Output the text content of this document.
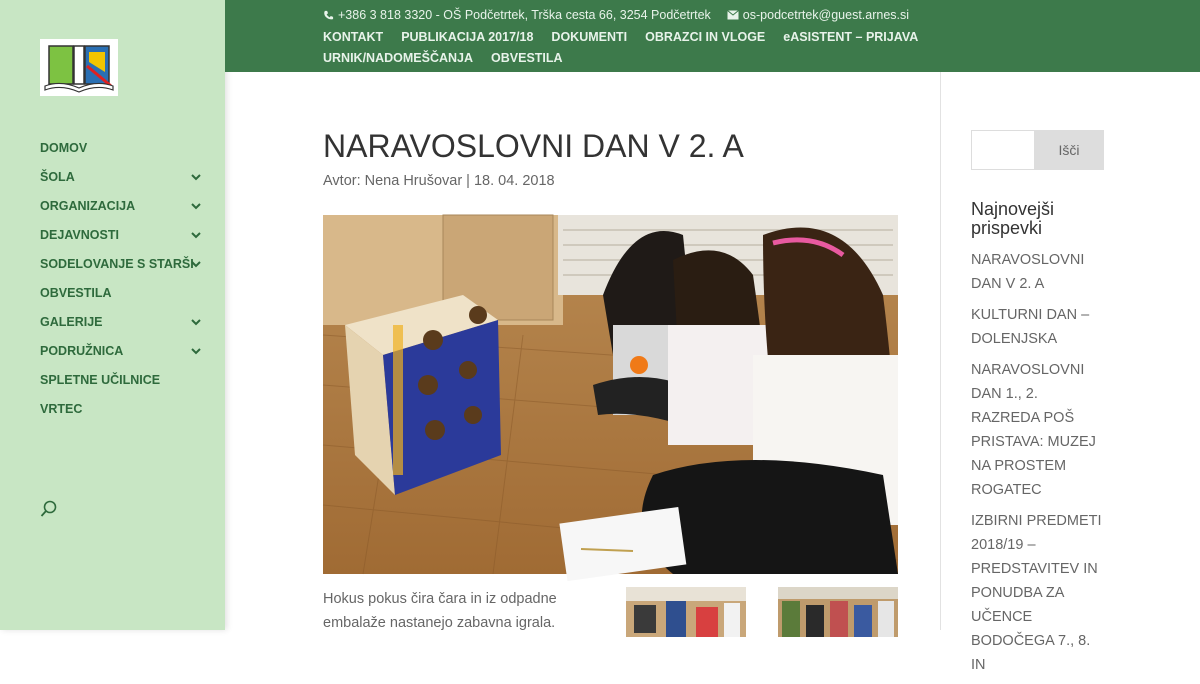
DOMOV
ŠOLA
ORGANIZACIJA
DEJAVNOSTI
SODELOVANJE S STARŠI
OBVESTILA
GALERIJE
PODRUŽNICA
SPLETNE UČILNICE
VRTEC
+386 3 818 3320 - OŠ Podčetrtek, Trška cesta 66, 3254 Podčetrtek	os-podcetrtek@guest.arnes.si
KONTAKT PUBLIKACIJA 2017/18 DOKUMENTI OBRAZCI IN VLOGE eASISTENT – PRIJAVA
URNIK/NADOMEŠČANJA OBVESTILA
NARAVOSLOVNI DAN V 2. A
Avtor: Nena Hrušovar | 18. 04. 2018
Hokus pokus čira čara in iz odpadne embalaže nastanejo zabavna igrala.
Išči
Najnovejši prispevki
NARAVOSLOVNI DAN V 2. A
KULTURNI DAN – DOLENJSKA
NARAVOSLOVNI DAN 1., 2. RAZREDA POŠ PRISTAVA: MUZEJ NA PROSTEM ROGATEC
IZBIRNI PREDMETI 2018/19 – PREDSTAVITEV IN PONUDBA ZA UČENCE BODOČEGA 7., 8. IN
